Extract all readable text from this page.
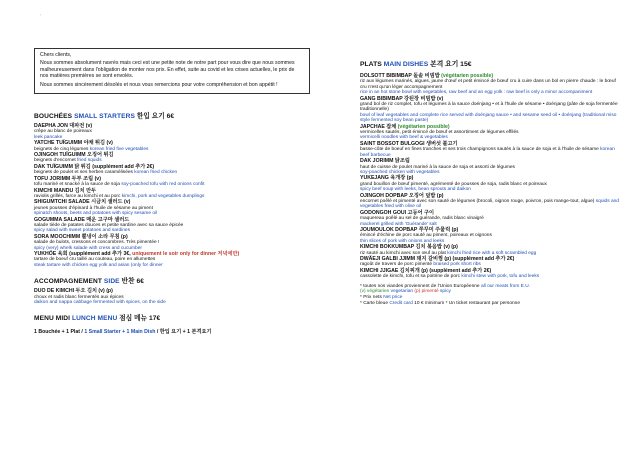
'

Chers clients,

Nous sommes absolument navrés mais ceci est une petite note de notre part pour vous dire que nous sommes malheureusement dans l'obligation de monter nos prix. En effet, suite au covid et les crises actuelles, le prix de nos matières premières se sont envolés.

Nous sommes sincèrement désolés et nous vous remercions pour votre compréhension et bon appétit !

BOUCHÉES SMALL STARTERS 한입 요기 6€
DAEPHA JON 대파전 (v)
crêpe au blanc de poireaux
leek pancake
YATCHE TUÏGUIMM 야채 튀김 (v)
beignets de cinq légumes korean fried five vegetables
OJINGOH TUÏGUIMM 오징어 튀김
beignets d'encornet fried squids
DAK TUÏGUIMM 닭 튀김 (supplément add 추가 2€)
beignets de poulet et ses herbes caramélisées korean fried chicken
TOFU JORIMM 두부 조림 (v)
tofu mariné et snacké à la sauce de soja soy-poached tofu with red onions confit
KIMCHI MANDU 김치 만두
raviolis grillés, farce au kimchi et au porc kimchi, pork and vegetables dumplings
SHIGUMTCHI SALADE 시금치 샐러드 (v)
jeunes pousses d'épinard à l'huile de sésame au piment
spinatch shoots, beets and potatoes with spicy sesame oil
GOGUMMA SALADE 매운 고구마 샐러드
salade tiède de patates douces et petite sardine avec sa sauce épicée
spicy salad with sweet potatoes and sardines
SORA MOOCHIMM 뿔냉이 소라 무침 (p)
salade de bulots, cressons et concombres. Très pimentée !
spicy (very) whelk salade with cress and cucumber
YUKHÖE 육회 (supplément add 추가 3€, uniquement le soir only for dinner 저녁에만)
tartare de boeuf cru taillé au couteau, poire en allumettes
steak tartare with chicken egg yolk and asian (only for dinner
ACCOMPAGNEMENT SIDE 반찬 6€
DUO DE KIMCHI 두오 김치 (v) (p)
choux et radis blanc fermentés aux épices
daikon and nappa cabbage fermented with spices, on the side
MENU MIDI LUNCH MENU 점심 메뉴 17€
1 Bouchée + 1 Plat / 1 Small Starter + 1 Main Dish / 한입 요기 + 1 본격요기
PLATS MAIN DISHES 본격 요기 15€
DOLSOTT BIBIMBAP 돌솥 비빔밥 (végétarien possible)
riz aux légumes marinés, algues, jaune d'œuf et petit émincé de bœuf cru à cuire dans un bol en pierre chaude : le bœuf cru n'est qu'un léger accompagnement
rice in an hot stone bowl with vegetables, raw beef and an egg yolk : raw beef is only a minor accompaniment
GANG BIBIMBAP 강된장 비빔밥 (v)
grand bol de riz complet, tofu et légumes à la sauce doénjang • et à l'huile de sésame • doénjang (pâte de soja fermentée traditionnelle)
bowl of leaf vegetables and complete rice served with doénjang sauce • and sesame seed oil • doénjang (traditional miso style fermented soy bean paste)
JAPCHAE 잡채 (végétarien possible)
vermicelles sautés, petit émincé de bœuf et assortiment de légumes effilés
vermicelli noodles with beef & vegetables
SAINT BOSSOT BULGOGI 생버섯 불고기
basse-côte de boeuf en fines tranches et ses trois champignons sautés à la sauce de soja et à l'huile de sésame korean beef barbecue
DAK JORIMM 닭조림
haut de cuisse de poulet mariné à la sauce de soja et assorti de légumes
soy-poached chicken with vegetables
YUKEJANG 육개장 (p)
grand bouillon de bœuf pimenté, agrémenté de pousses de soja, radis blanc et poireaux
spicy beef soup with leeks, bean sprouts and daikon
OJINGOH DOPBAP 오징어 덮밥 (p)
encornet poêlé et pimenté avec son sauté de légumes (brocoli, oignon rouge, poivron, pois mange-tout, algue) squids and vegetables fried with olive oil
GODONGOH GOUI 고등어 구이
maquereau poêlé au sel de guérande, radis blanc vinaigré
mackerel grilled with 'Guérande' salt
JOUMOULOK DOPBAP 쭈꾸미 주물럭 (p)
émincé d'échine de porc sauté au piment, poireaux et oignons
thin slices of pork with onions and leeks
KIMCHI BOKKUMBAP 김치 볶음밥 (v) (p)
riz sauté au kimchi avec son œuf au plat kimchi fried rice with a soft scrambled egg
DWÄEJI GALBI JJIMM 돼지 갈비찜 (p) (supplément add 추가 2€)
ragoût de travers de porc pimenté braised pork short ribs
KIMCHI JJIGAE 김치찌개 (p) (supplément add 추가 2€)
cassolette de kimchi, tofu et sa poitrine de porc kimchi stew with pork, tofu and leeks
* toutes nos viandes proviennent de l'Union Européenne all our meats from E.U.
(v) végétarien vegetarian (p) pimenté spicy
* Prix nets Net price
* Carte bleue Credit card 10 € minimum * Un ticket restaurant par personne
